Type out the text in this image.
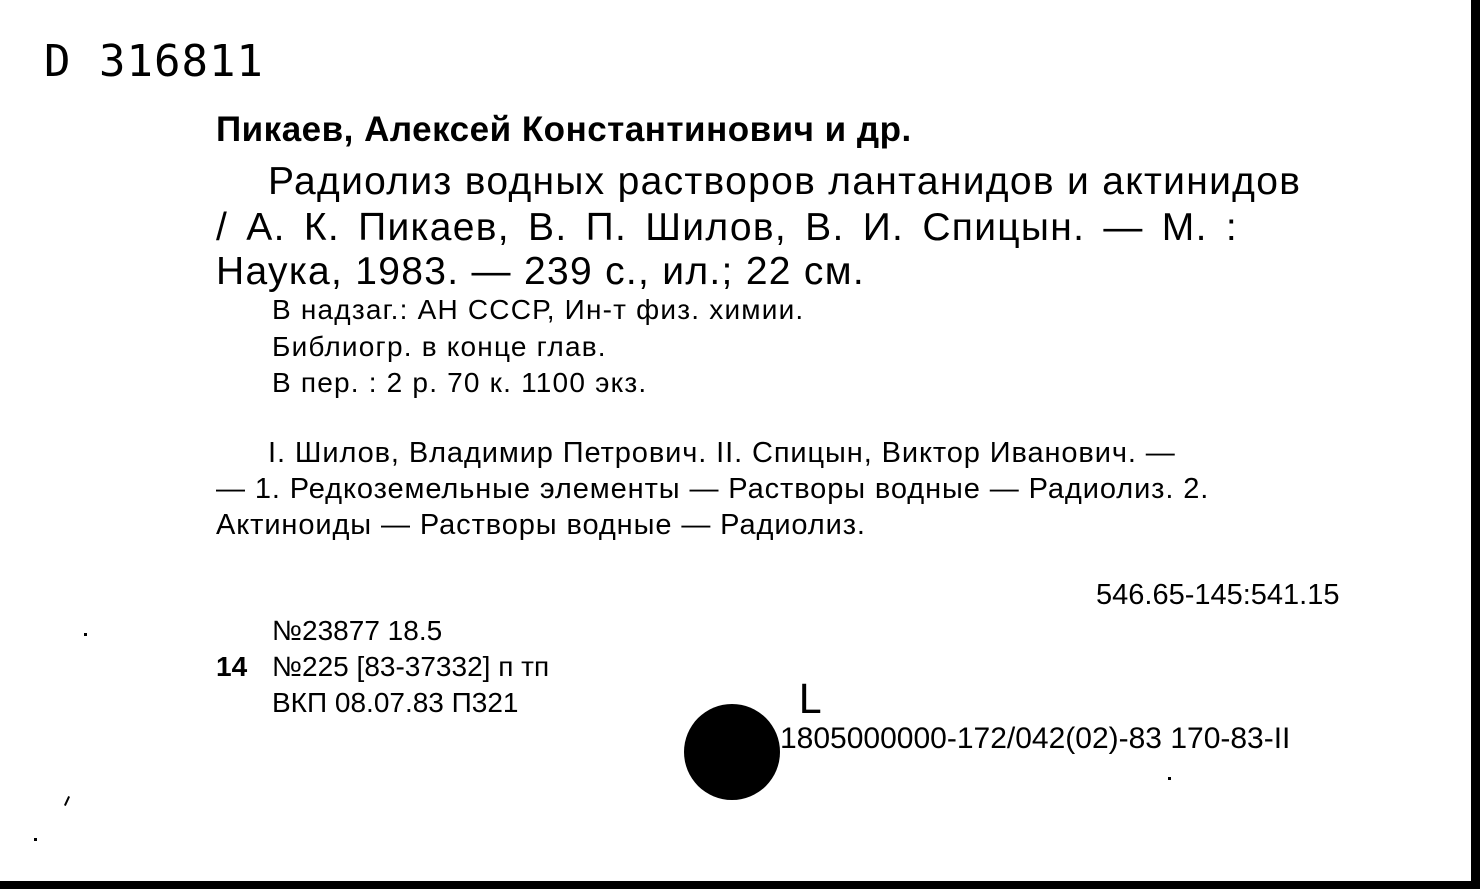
D 316811
Пикаев, Алексей Константинович и др.
Радиолиз водных растворов лантанидов и актинидов
/ А. К. Пикаев, В. П. Шилов, В. И. Спицын. — М. :
Наука, 1983. — 239 с., ил.; 22 см.
В надзаг.: АН СССР, Ин-т физ. химии.
Библиогр. в конце глав.
В пер. : 2 р. 70 к. 1100 экз.
I. Шилов, Владимир Петрович. II. Спицын, Виктор Иванович. —
— 1. Редкоземельные элементы — Растворы водные — Радиолиз. 2.
Актиноиды — Растворы водные — Радиолиз.
546.65-145:541.15
№23877 18.5
14 №225 [83-37332] п тп
ВКП 08.07.83 П321	L
1805000000-172/042(02)-83 170-83-II
